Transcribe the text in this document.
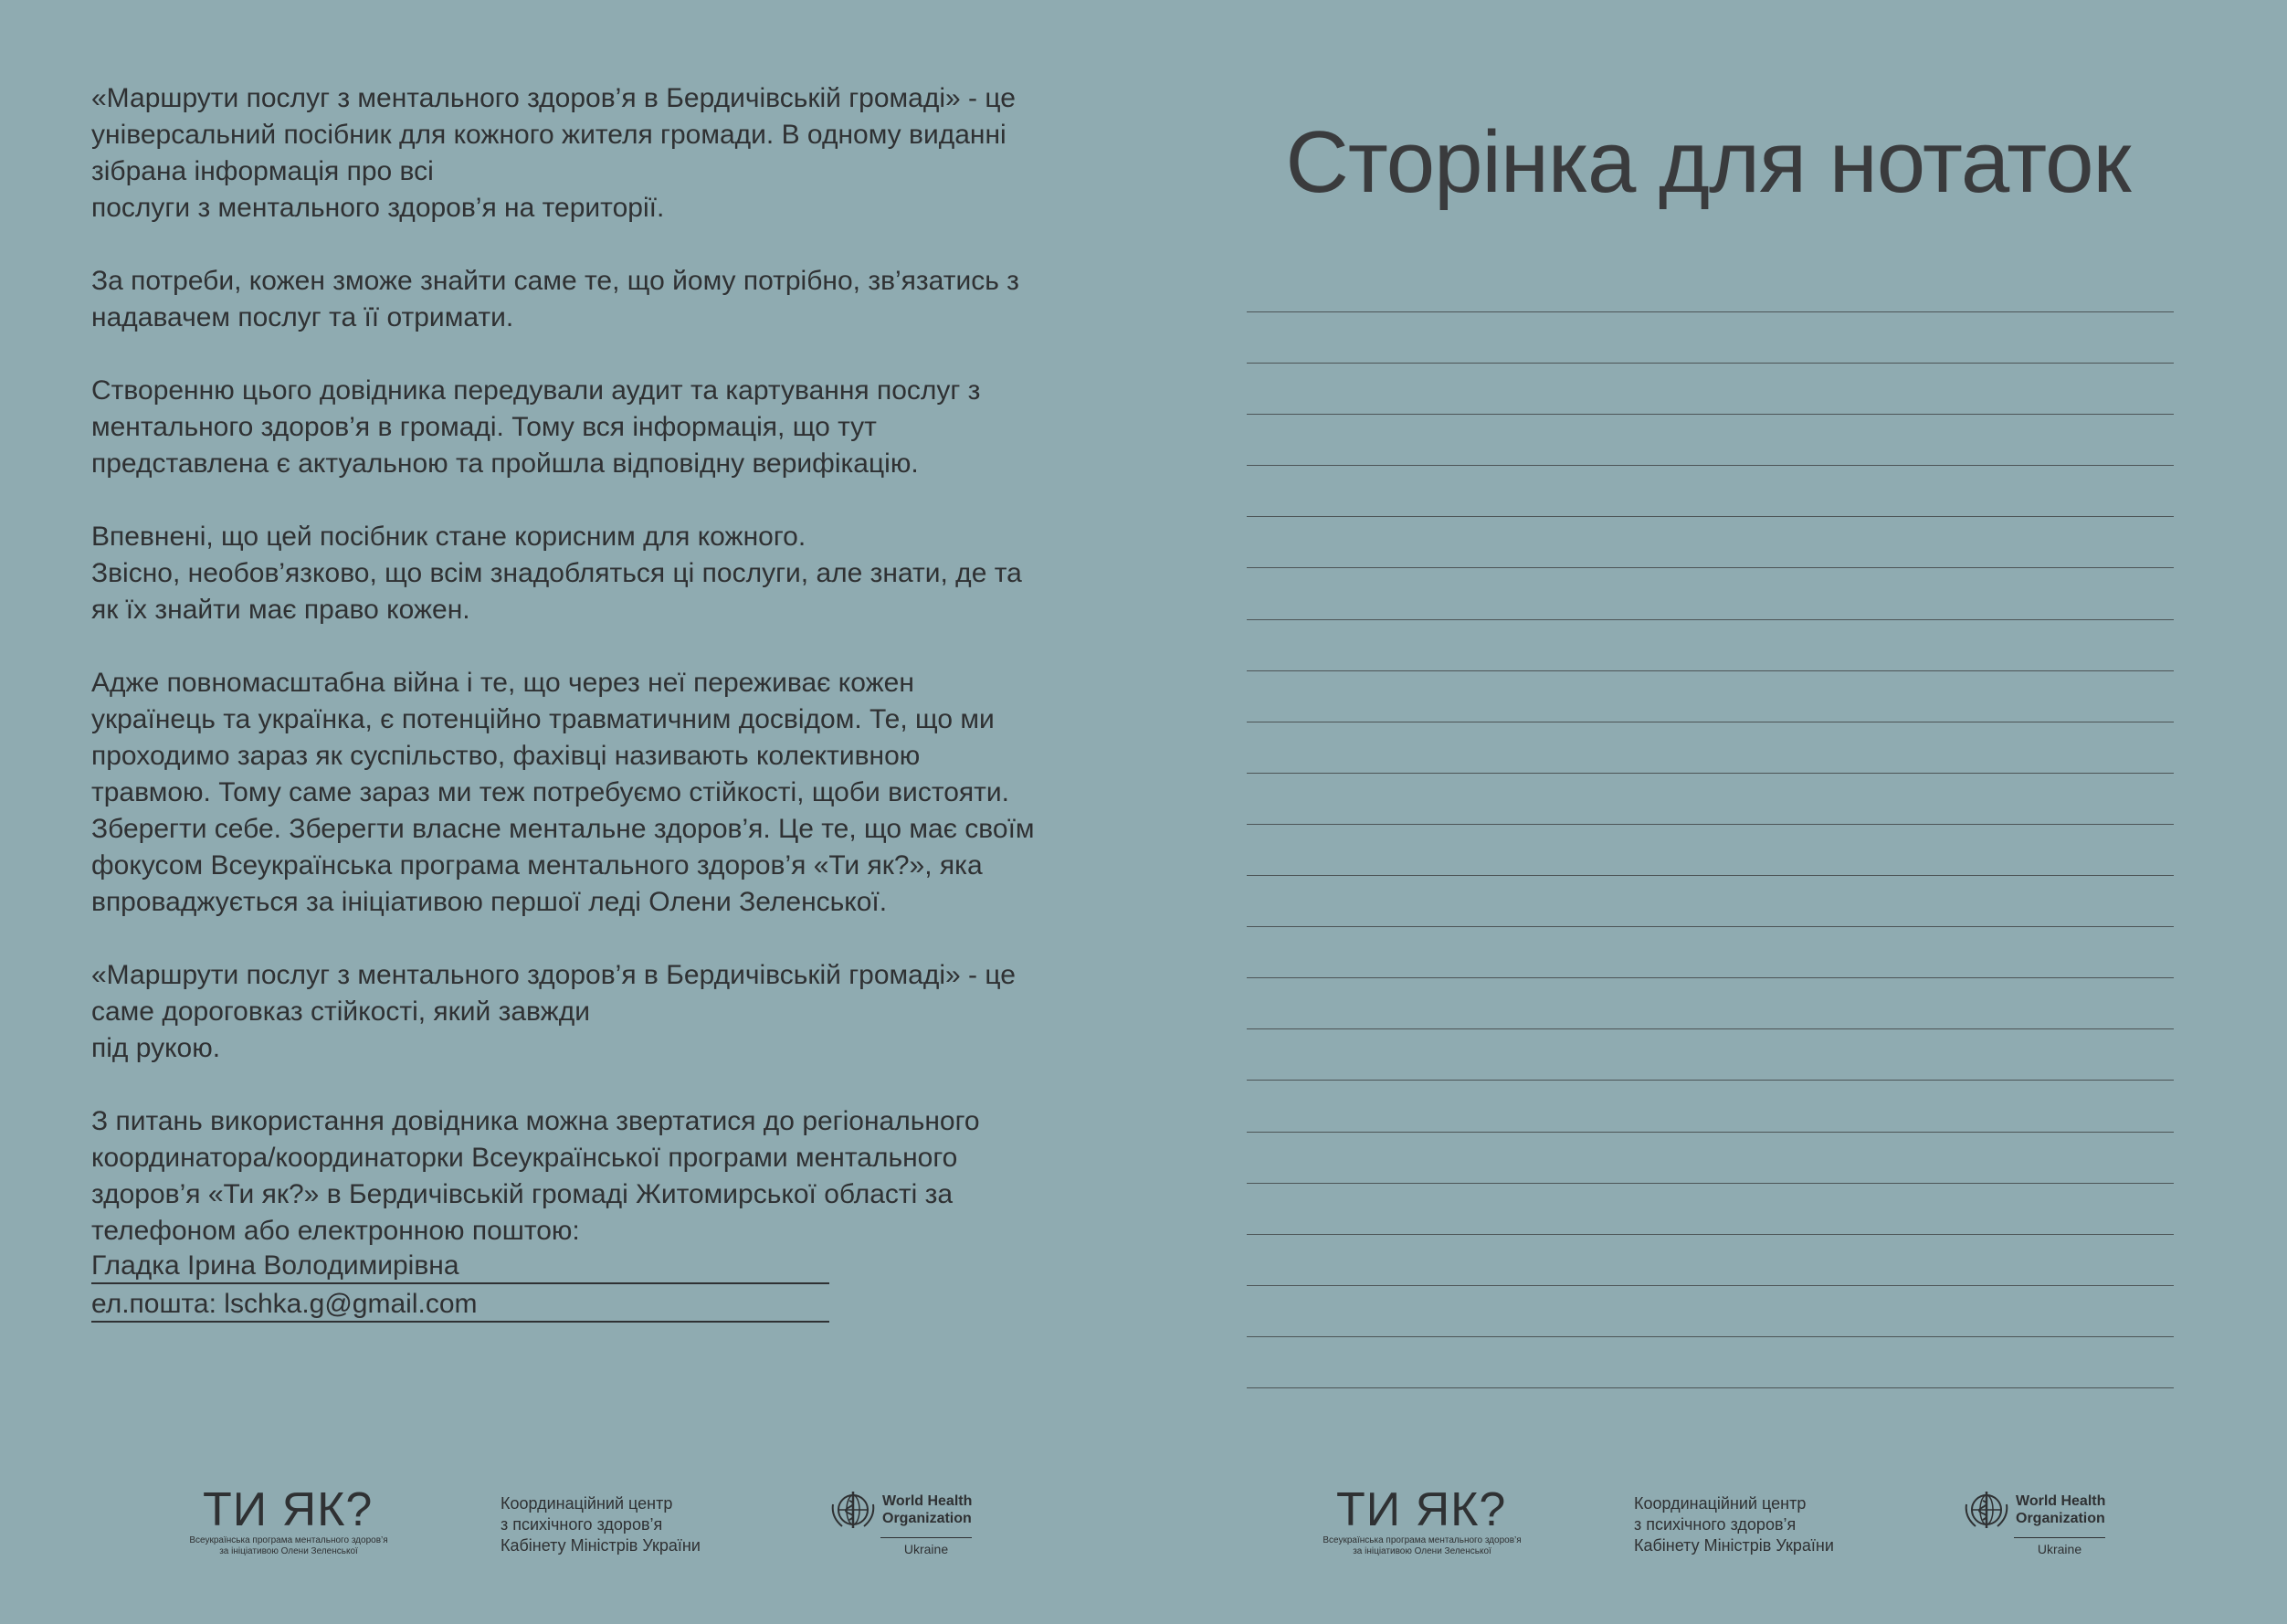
«Маршрути послуг з ментального здоров’я в Бердичівській громаді» - це
універсальний посібник для кожного жителя громади. В одному виданні
зібрана інформація про всі
послуги з ментального здоров’я на території.

За потреби, кожен зможе знайти саме те, що йому потрібно, зв’язатись з
надавачем послуг та її отримати.

Створенню цього довідника передували аудит та картування послуг з
ментального здоров’я в громаді. Тому вся інформація, що тут
представлена є актуальною та пройшла відповідну верифікацію.

Впевнені, що цей посібник стане корисним для кожного.
Звісно, необов’язково, що всім знадобляться ці послуги, але знати, де та
як їх знайти має право кожен.

Адже повномасштабна війна і те, що через неї переживає кожен
українець та українка, є потенційно травматичним досвідом. Те, що ми
проходимо зараз як суспільство, фахівці називають колективною
травмою. Тому саме зараз ми теж потребуємо стійкості, щоби вистояти.
Зберегти себе. Зберегти власне ментальне здоров’я. Це те, що має своїм
фокусом Всеукраїнська програма ментального здоров’я «Ти як?», яка
впроваджується за ініціативою першої леді Олени Зеленської.

«Маршрути послуг з ментального здоров’я в Бердичівській громаді» - це
саме дороговказ стійкості, який завжди
під рукою.

З питань використання довідника можна звертатися до регіонального
координатора/координаторки Всеукраїнської програми ментального
здоров’я «Ти як?» в Бердичівській громаді Житомирської області за
телефоном або електронною поштою:

Гладка Ірина Володимирівна
ел.пошта: lschka.g@gmail.com
Сторінка для нотаток
ТИ ЯК?
Всеукраїнська програма ментального здоров’я
за ініціативою Олени Зеленської
Координаційний центр
з психічного здоров’я
Кабінету Міністрів України
World Health
Organization
Ukraine
ТИ ЯК?
Всеукраїнська програма ментального здоров’я
за ініціативою Олени Зеленської
Координаційний центр
з психічного здоров’я
Кабінету Міністрів України
World Health
Organization
Ukraine
